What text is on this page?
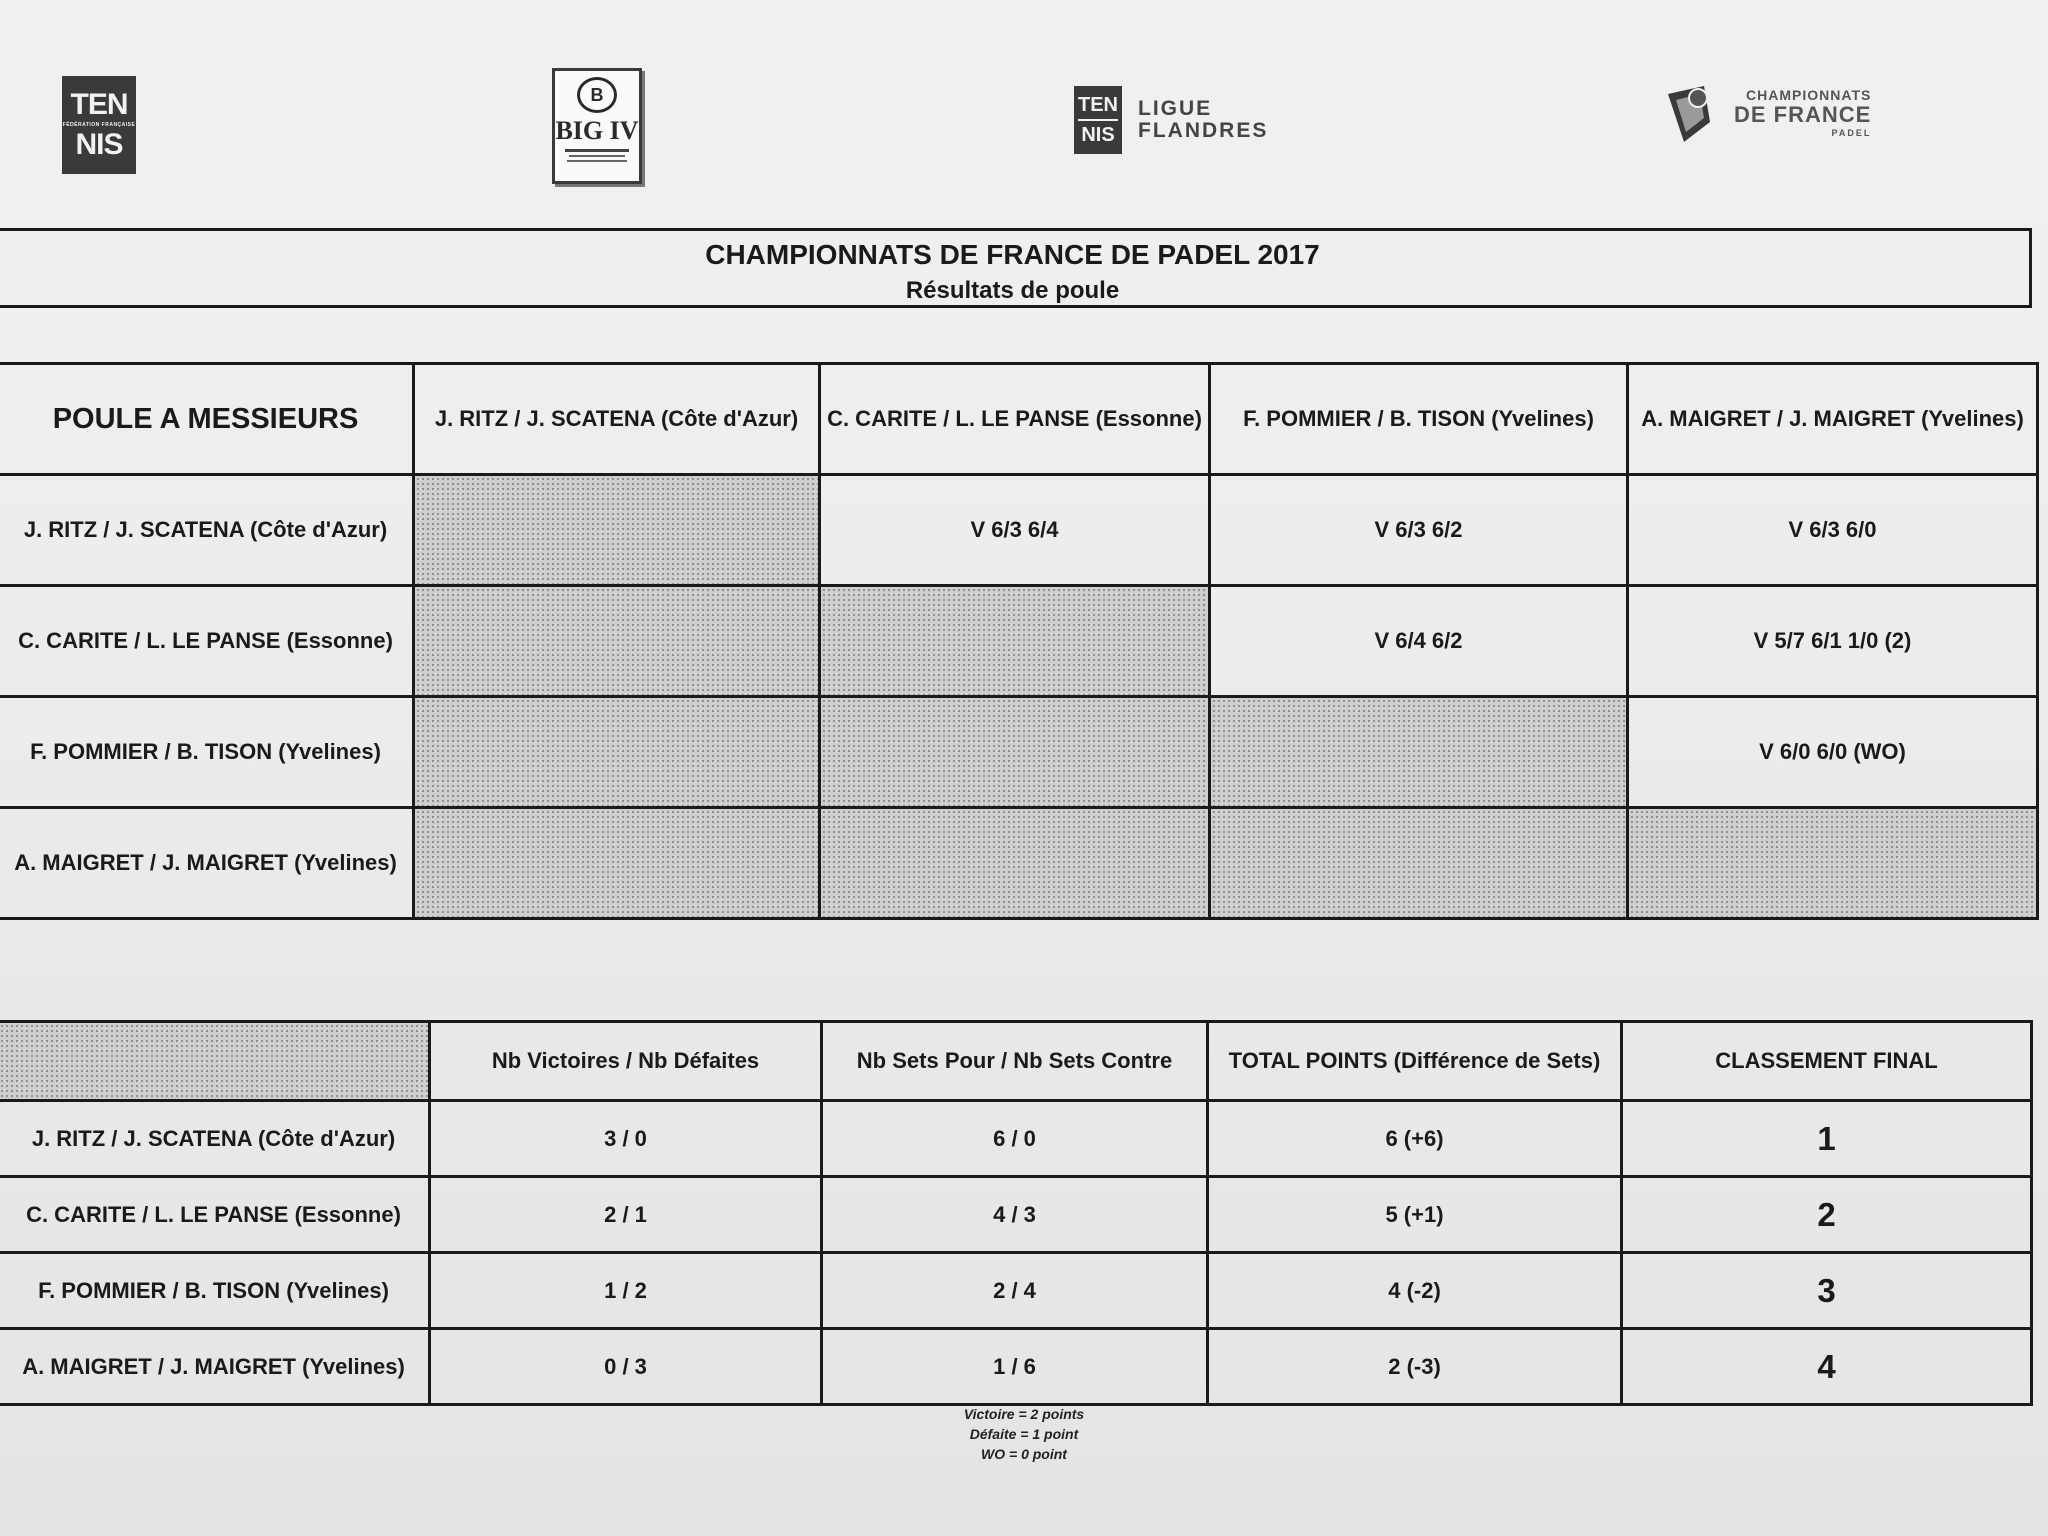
TEN
FÉDÉRATION FRANÇAISE
NIS
B
BIG IV
TEN
NIS
LIGUE
FLANDRES
CHAMPIONNATS
DE FRANCE
PADEL
CHAMPIONNATS DE FRANCE DE PADEL 2017
Résultats de poule
POULE A MESSIEURS	J. RITZ / J. SCATENA (Côte d'Azur)	C. CARITE / L. LE PANSE (Essonne)	F. POMMIER / B. TISON (Yvelines)	A. MAIGRET / J. MAIGRET (Yvelines)
J. RITZ / J. SCATENA (Côte d'Azur)		V 6/3 6/4	V 6/3 6/2	V 6/3 6/0
C. CARITE / L. LE PANSE (Essonne)			V 6/4 6/2	V 5/7 6/1 1/0 (2)
F. POMMIER / B. TISON (Yvelines)				V 6/0 6/0 (WO)
A. MAIGRET / J. MAIGRET (Yvelines)				
	Nb Victoires / Nb Défaites	Nb Sets Pour / Nb Sets Contre	TOTAL POINTS (Différence de Sets)	CLASSEMENT FINAL
J. RITZ / J. SCATENA (Côte d'Azur)	3 / 0	6 / 0	6 (+6)	1
C. CARITE / L. LE PANSE (Essonne)	2 / 1	4 / 3	5 (+1)	2
F. POMMIER / B. TISON (Yvelines)	1 / 2	2 / 4	4 (-2)	3
A. MAIGRET / J. MAIGRET (Yvelines)	0 / 3	1 / 6	2 (-3)	4
Victoire = 2 points
Défaite = 1 point
WO = 0 point
